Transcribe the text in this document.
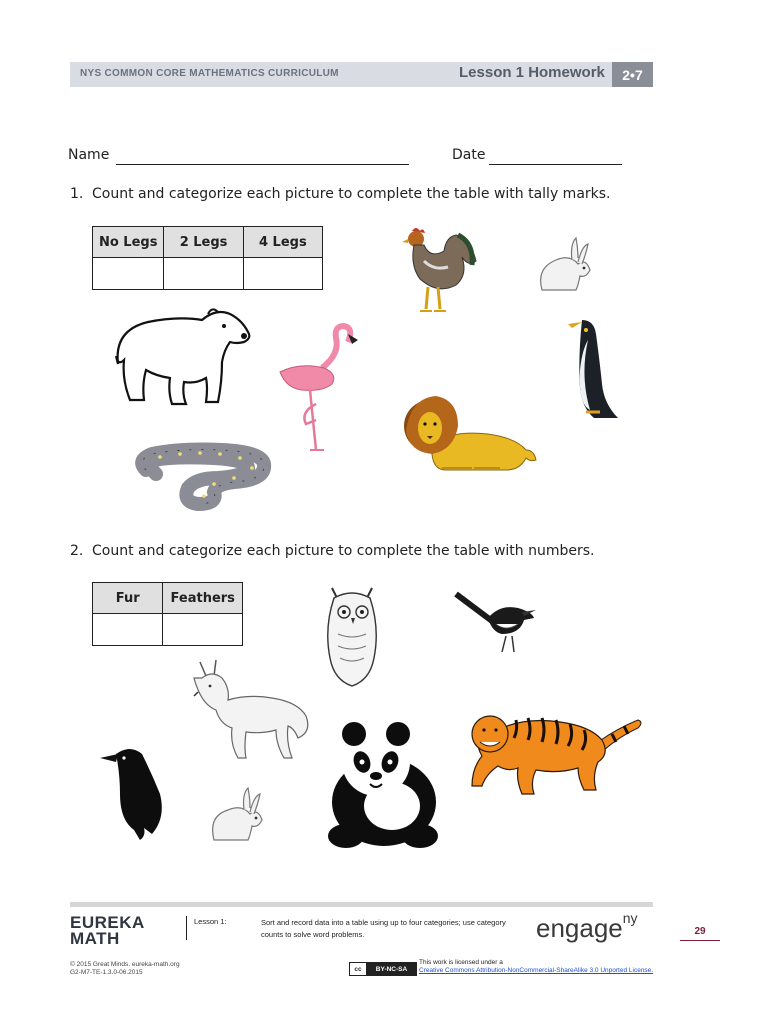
NYS COMMON CORE MATHEMATICS CURRICULUM	Lesson 1 Homework	2•7
Name	Date
1. Count and categorize each picture to complete the table with tally marks.
No Legs	2 Legs	4 Legs

2. Count and categorize each picture to complete the table with numbers.
Fur	Feathers

EUREKA
MATH
Lesson 1:	Sort and record data into a table using up to four categories; use category counts to solve word problems.	engage$^{ny}$
29
© 2015 Great Minds. eureka-math.org
G2-M7-TE-1.3.0-06.2015	cc	BY-NC-SA
This work is licensed under a
Creative Commons Attribution-NonCommercial-ShareAlike 3.0 Unported License.
